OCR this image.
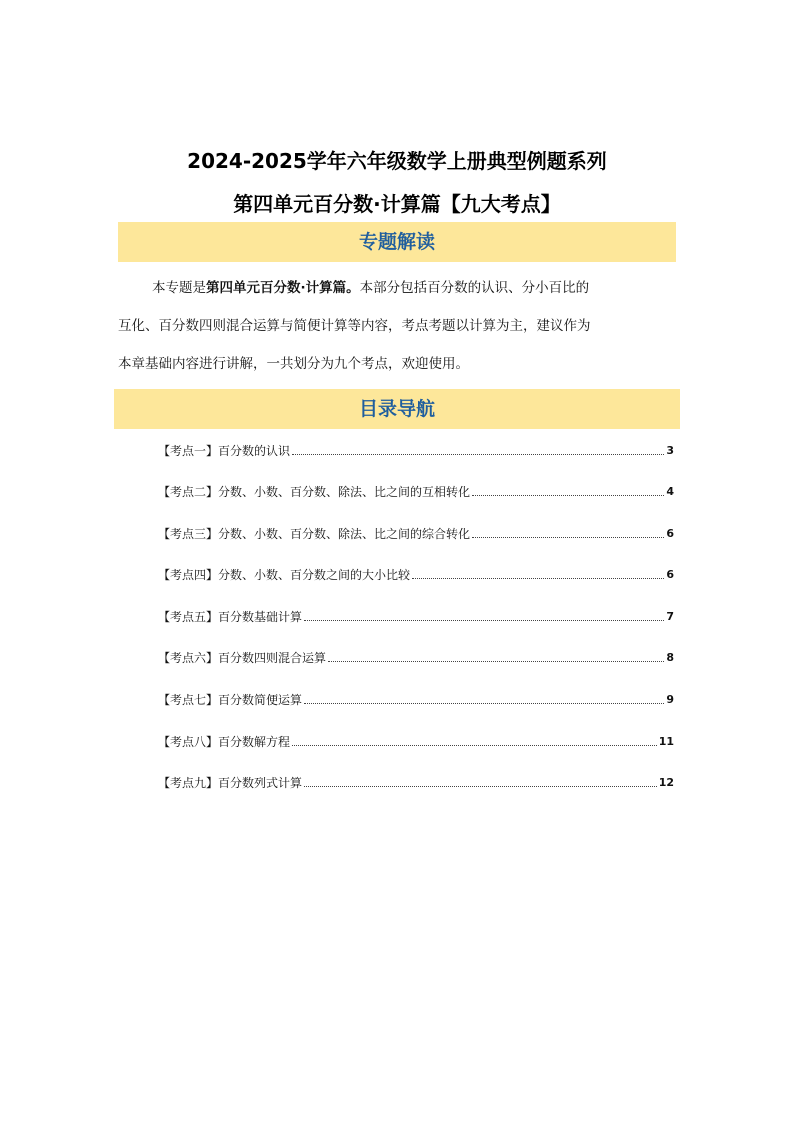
2024-2025学年六年级数学上册典型例题系列
第四单元百分数·计算篇【九大考点】
专题解读
本专题是第四单元百分数·计算篇。本部分包括百分数的认识、分小百比的
互化、百分数四则混合运算与简便计算等内容，考点考题以计算为主，建议作为
本章基础内容进行讲解，一共划分为九个考点，欢迎使用。
目录导航
【考点一】百分数的认识	3
【考点二】分数、小数、百分数、除法、比之间的互相转化	4
【考点三】分数、小数、百分数、除法、比之间的综合转化	6
【考点四】分数、小数、百分数之间的大小比较	6
【考点五】百分数基础计算	7
【考点六】百分数四则混合运算	8
【考点七】百分数简便运算	9
【考点八】百分数解方程	11
【考点九】百分数列式计算	12
